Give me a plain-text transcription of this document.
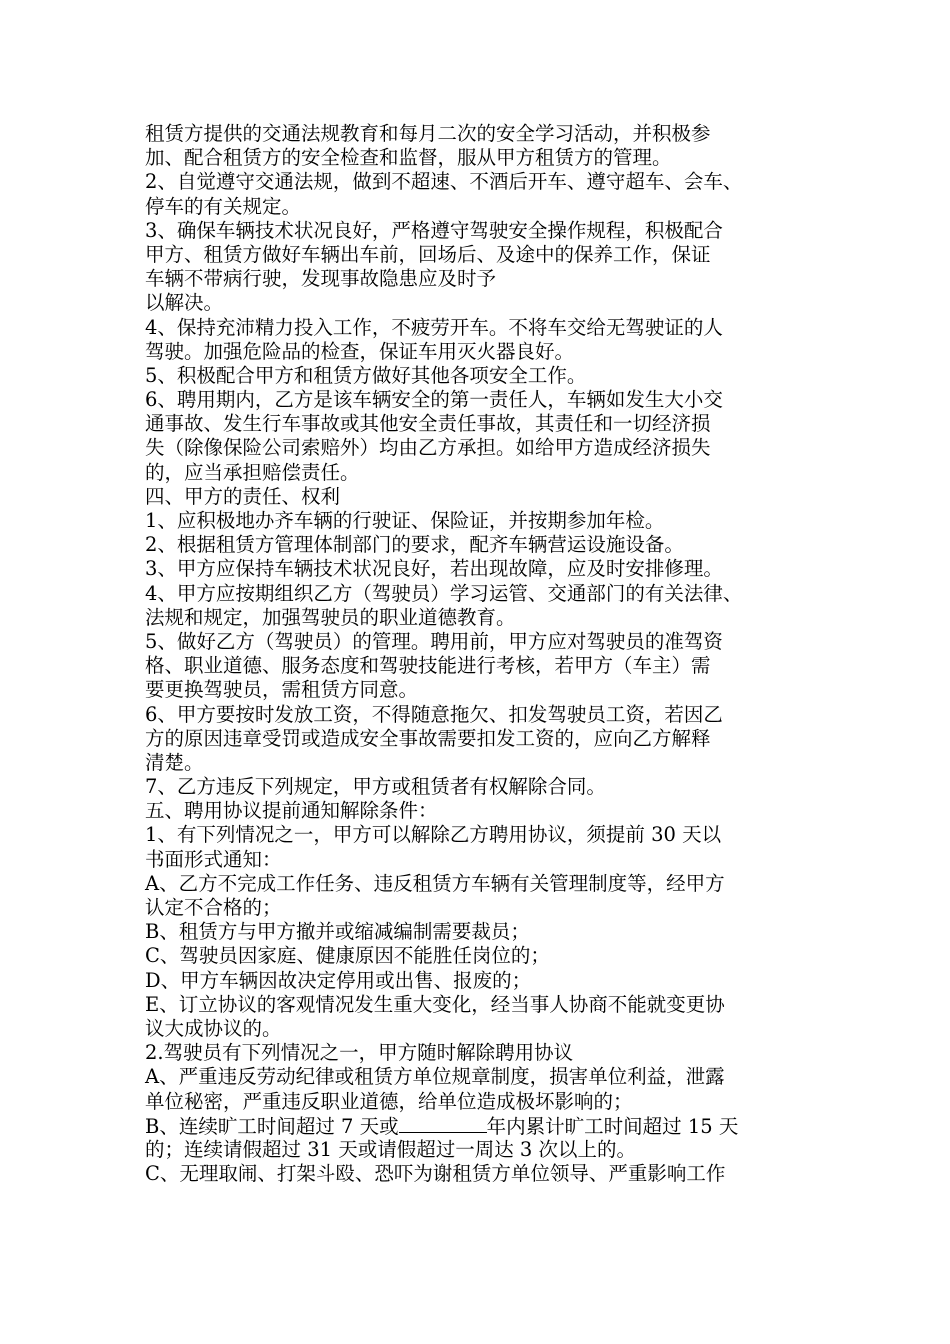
租赁方提供的交通法规教育和每月二次的安全学习活动，并积极参
加、配合租赁方的安全检查和监督，服从甲方租赁方的管理。
2、自觉遵守交通法规，做到不超速、不酒后开车、遵守超车、会车、
停车的有关规定。
3、确保车辆技术状况良好，严格遵守驾驶安全操作规程，积极配合
甲方、租赁方做好车辆出车前，回场后、及途中的保养工作，保证
车辆不带病行驶，发现事故隐患应及时予
以解决。
4、保持充沛精力投入工作，不疲劳开车。不将车交给无驾驶证的人
驾驶。加强危险品的检查，保证车用灭火器良好。
5、积极配合甲方和租赁方做好其他各项安全工作。
6、聘用期内，乙方是该车辆安全的第一责任人，车辆如发生大小交
通事故、发生行车事故或其他安全责任事故，其责任和一切经济损
失（除像保险公司索赔外）均由乙方承担。如给甲方造成经济损失
的，应当承担赔偿责任。
四、甲方的责任、权利
1、应积极地办齐车辆的行驶证、保险证，并按期参加年检。
2、根据租赁方管理体制部门的要求，配齐车辆营运设施设备。
3、甲方应保持车辆技术状况良好，若出现故障，应及时安排修理。
4、甲方应按期组织乙方（驾驶员）学习运管、交通部门的有关法律、
法规和规定，加强驾驶员的职业道德教育。
5、做好乙方（驾驶员）的管理。聘用前，甲方应对驾驶员的准驾资
格、职业道德、服务态度和驾驶技能进行考核，若甲方（车主）需
要更换驾驶员，需租赁方同意。
6、甲方要按时发放工资，不得随意拖欠、扣发驾驶员工资，若因乙
方的原因违章受罚或造成安全事故需要扣发工资的，应向乙方解释
清楚。
7、乙方违反下列规定，甲方或租赁者有权解除合同。
五、聘用协议提前通知解除条件：
1、有下列情况之一，甲方可以解除乙方聘用协议，须提前 30 天以
书面形式通知：
A、乙方不完成工作任务、违反租赁方车辆有关管理制度等，经甲方
认定不合格的；
B、租赁方与甲方撤并或缩减编制需要裁员；
C、驾驶员因家庭、健康原因不能胜任岗位的；
D、甲方车辆因故决定停用或出售、报废的；
E、订立协议的客观情况发生重大变化，经当事人协商不能就变更协
议大成协议的。
2.驾驶员有下列情况之一，甲方随时解除聘用协议
A、严重违反劳动纪律或租赁方单位规章制度，损害单位利益，泄露
单位秘密，严重违反职业道德，给单位造成极坏影响的；
B、连续旷工时间超过 7 天或	年内累计旷工时间超过 15 天
的；连续请假超过 31 天或请假超过一周达 3 次以上的。
C、无理取闹、打架斗殴、恐吓为谢租赁方单位领导、严重影响工作
